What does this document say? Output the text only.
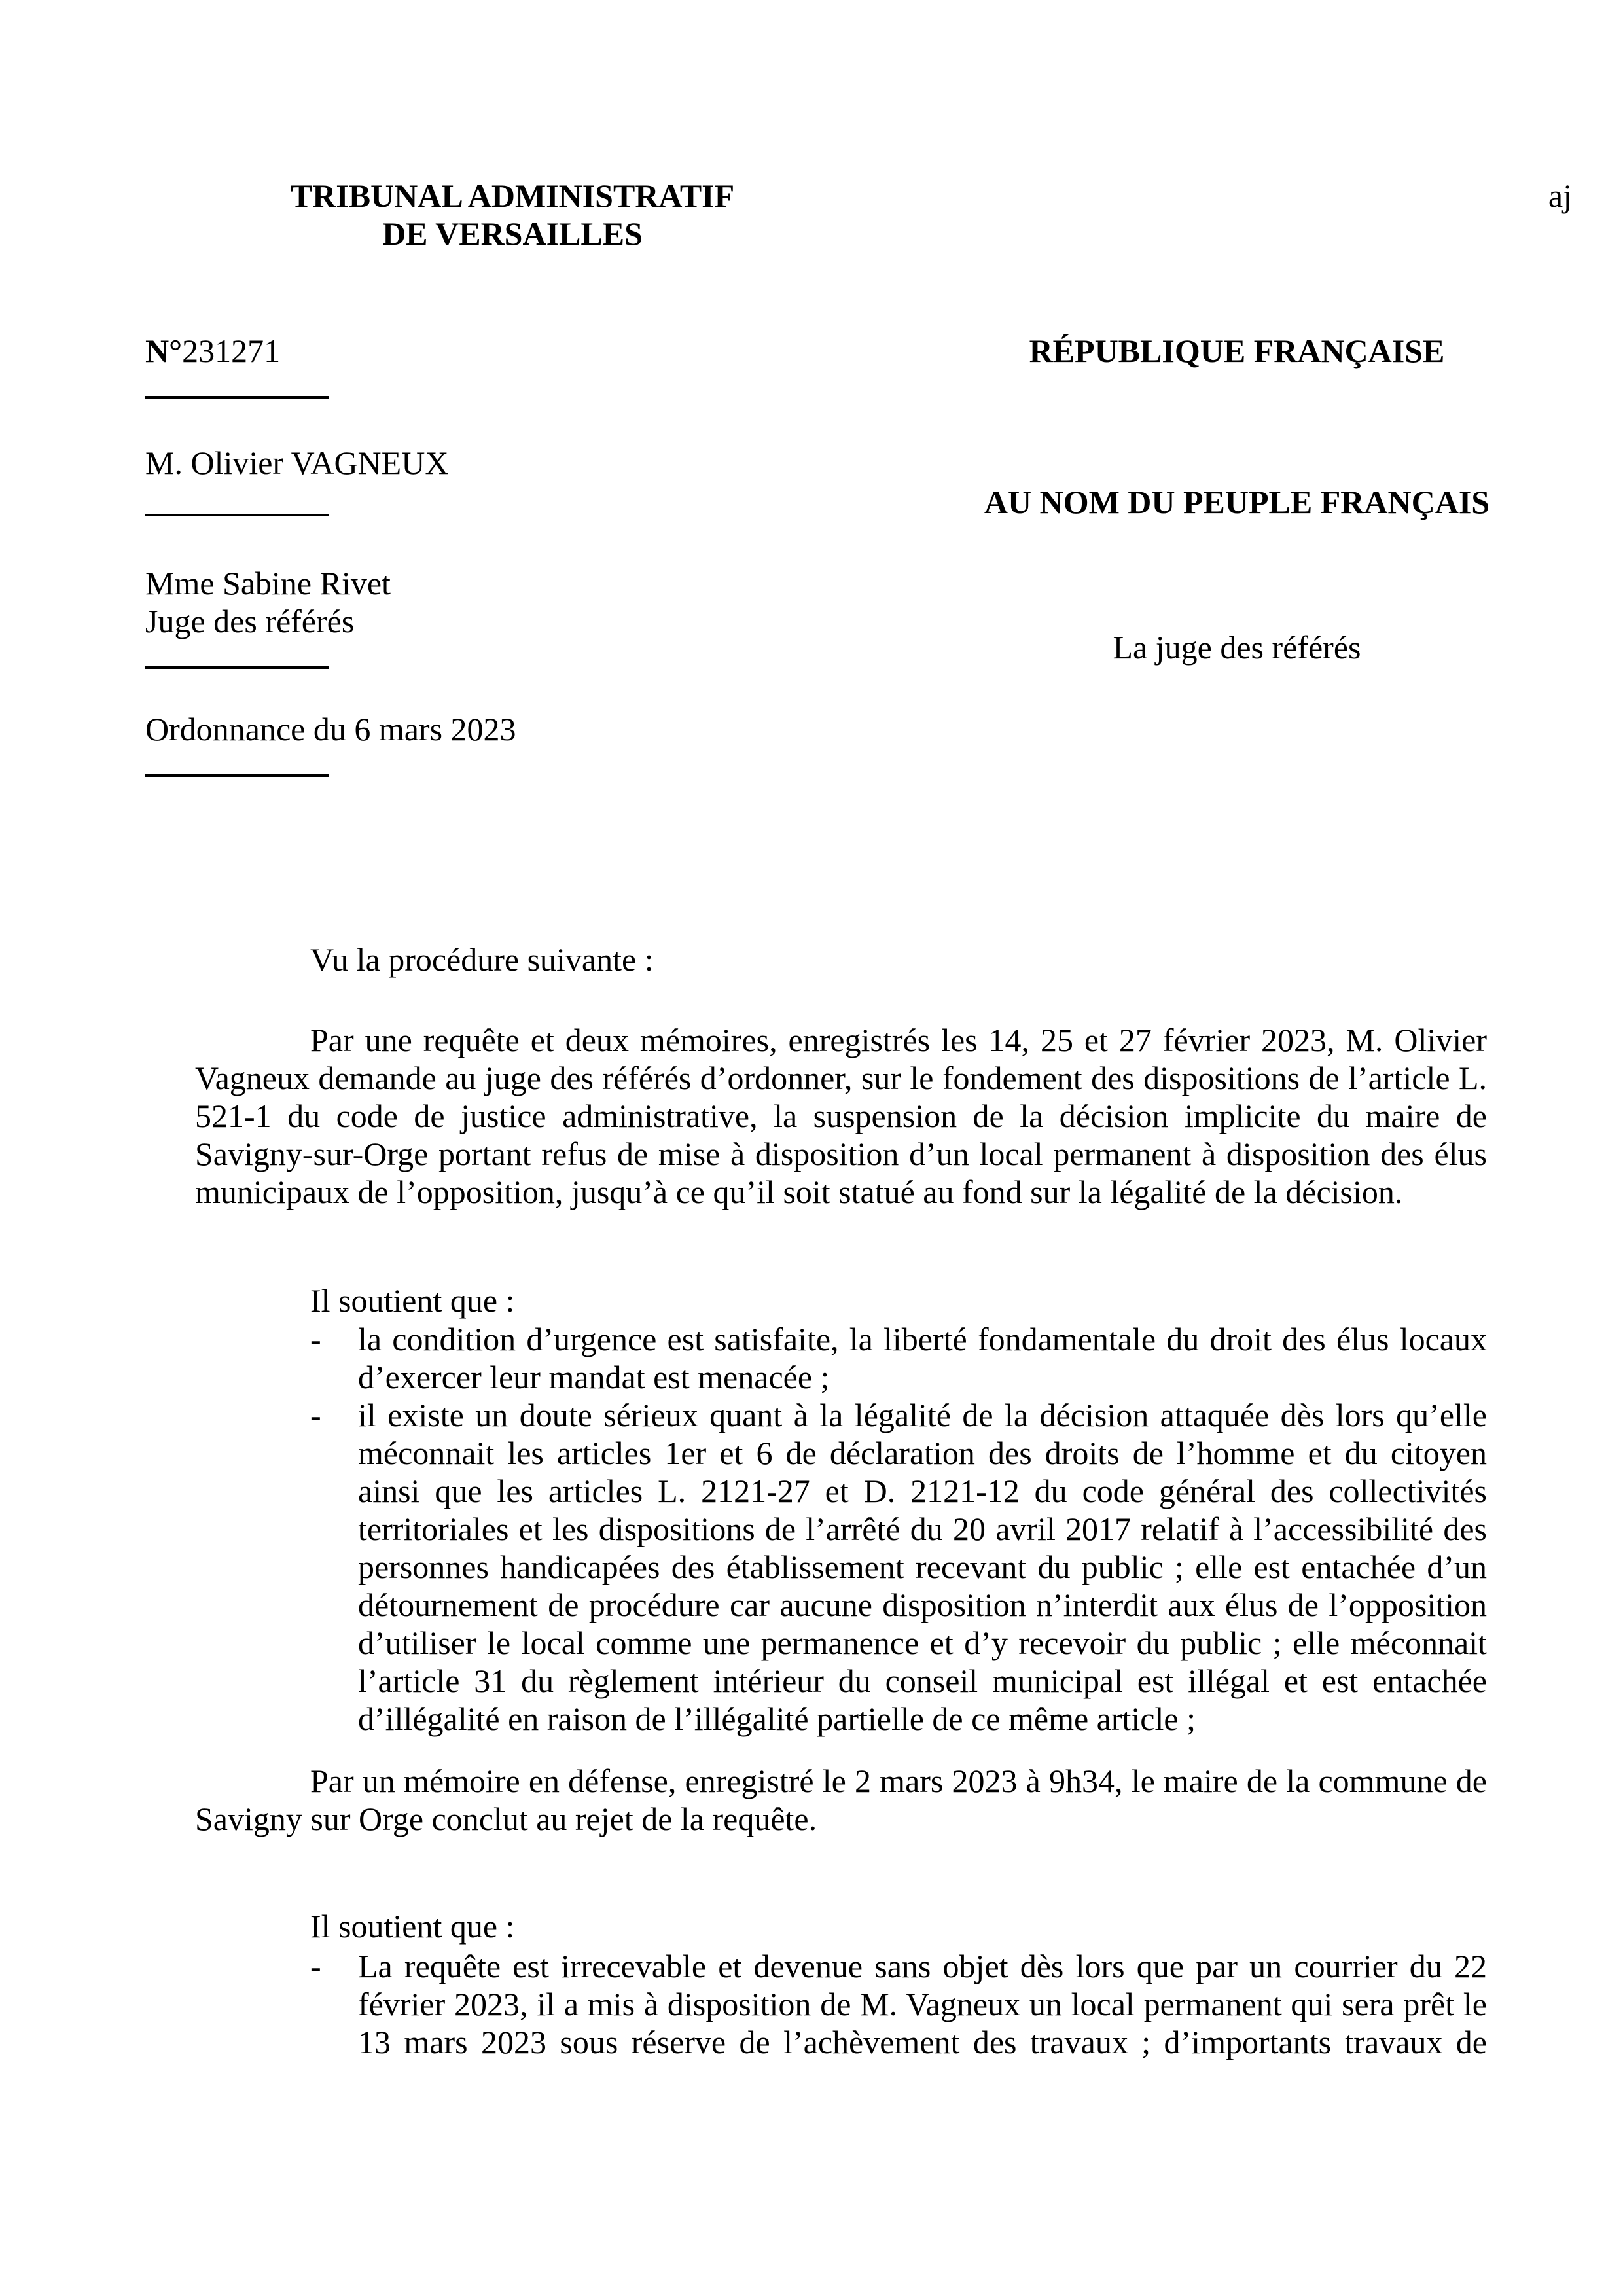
TRIBUNAL ADMINISTRATIF
DE VERSAILLES
aj
N°231271
M. Olivier VAGNEUX
Mme Sabine Rivet
Juge des référés
Ordonnance du 6 mars 2023
RÉPUBLIQUE FRANÇAISE
AU NOM DU PEUPLE FRANÇAIS
La juge des référés

Vu la procédure suivante :

Par une requête et deux mémoires, enregistrés les 14, 25 et 27 février 2023, M. Olivier Vagneux demande au juge des référés d’ordonner, sur le fondement des dispositions de l’article L. 521-1 du code de justice administrative, la suspension de la décision implicite du maire de Savigny-sur-Orge portant refus de mise à disposition d’un local permanent à disposition des élus municipaux de l’opposition, jusqu’à ce qu’il soit statué au fond sur la légalité de la décision.

Il soutient que :

- la condition d’urgence est satisfaite, la liberté fondamentale du droit des élus locaux d’exercer leur mandat est menacée ;
- il existe un doute sérieux quant à la légalité de la décision attaquée dès lors qu’elle méconnait les articles 1er et 6 de déclaration des droits de l’homme et du citoyen ainsi que les articles L. 2121-27 et D. 2121-12 du code général des collectivités territoriales et les dispositions de l’arrêté du 20 avril 2017 relatif à l’accessibilité des personnes handicapées des établissement recevant du public ; elle est entachée d’un détournement de procédure car aucune disposition n’interdit aux élus de l’opposition d’utiliser le local comme une permanence et d’y recevoir du public ; elle méconnait l’article 31 du règlement intérieur du conseil municipal est illégal et est entachée d’illégalité en raison de l’illégalité partielle de ce même article ;

Par un mémoire en défense, enregistré le 2 mars 2023 à 9h34, le maire de la commune de Savigny sur Orge conclut au rejet de la requête.

Il soutient que :

- La requête est irrecevable et devenue sans objet dès lors que par un courrier du 22 février 2023, il a mis à disposition de M. Vagneux un local permanent qui sera prêt le 13 mars 2023 sous réserve de l’achèvement des travaux ; d’importants travaux de
